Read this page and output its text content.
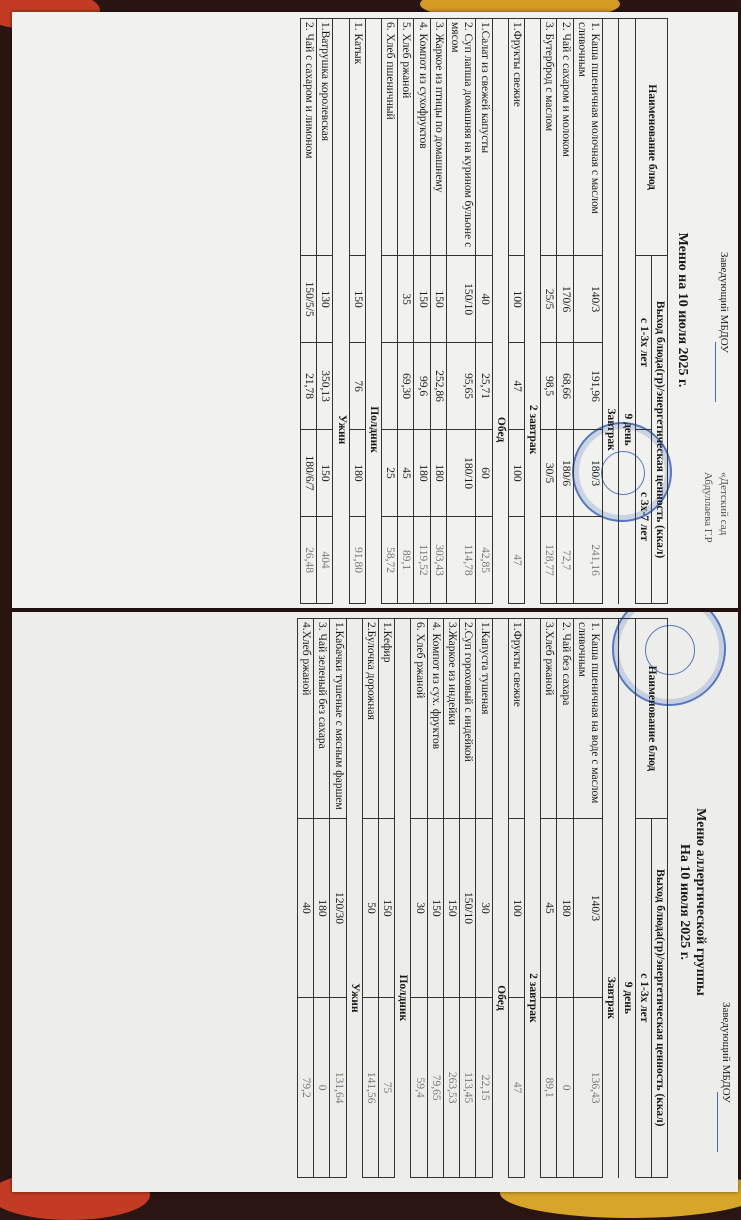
Заведующий МБДОУ
«Детский сад
Абдуллаева Г.Р
Меню на 10 июля 2025 г.
Наименование блюд	Выход блюда(гр)/энергетическая ценность (ккал)			
	с 1-3х лет		с 3х-7 лет	
	9 день			
	Завтрак			
1. Каша пшеничная молочная с маслом сливочным	140/3	191,96	180/3	241,16
2. Чай с сахаром и молоком	170/6	68,66	180/6	72,7
3. Бутерброд с маслом	25/5	98,5	30/5	128,77
	2 завтрак			
1.Фрукты свежие	100	47	100	47
	Обед			
1.Салат из свежей капусты	40	25,71	60	42,85
2. Суп лапша домашняя на курином бульоне с мясом	150/10	95,65	180/10	114,78
3. Жаркое из птицы по домашнему	150	252,86	180	303,43
4. Компот из сухофруктов	150	99,6	180	119,52
5. Хлеб ржаной	35	69,30	45	89,1
6. Хлеб пшеничный			25	58,72
	Полдник			
1. Катык	150	76	180	91,80
	Ужин			
1.Ватрушка королевская	130	350,13	150	404
2. Чай с сахаром и лимоном	150/5/5	21,78	180/6/7	26,48
Заведующий МБДОУ
Меню аллергической группы
На 10 июля 2025 г.
Наименование блюд	Выход блюда(гр)/энергетическая ценность (ккал)	
	с 1-3х лет	
	9 день	
	Завтрак	
1. Каша пшеничная на воде с маслом сливочным	140/3	136,43
2. Чай без сахара	180	0
3.Хлеб ржаной	45	89,1
	2 завтрак	
1.Фрукты свежие	100	47
	Обед	
1.Капуста тушеная	30	22,15
2.Суп гороховый с индейкой	150/10	113,45
3.Жаркое из индейки	150	263,53
4. Компот из сух. фруктов	150	79,65
6. Хлеб ржаной	30	59,4
	Полдник	
1.Кефир	150	75
2.Булочка дорожная	50	141,56
	Ужин	
1.Кабачки тушеные с мясным фаршем	120/30	131,64
3. Чай зеленый без сахара	180	0
4.Хлеб ржаной	40	79,2
